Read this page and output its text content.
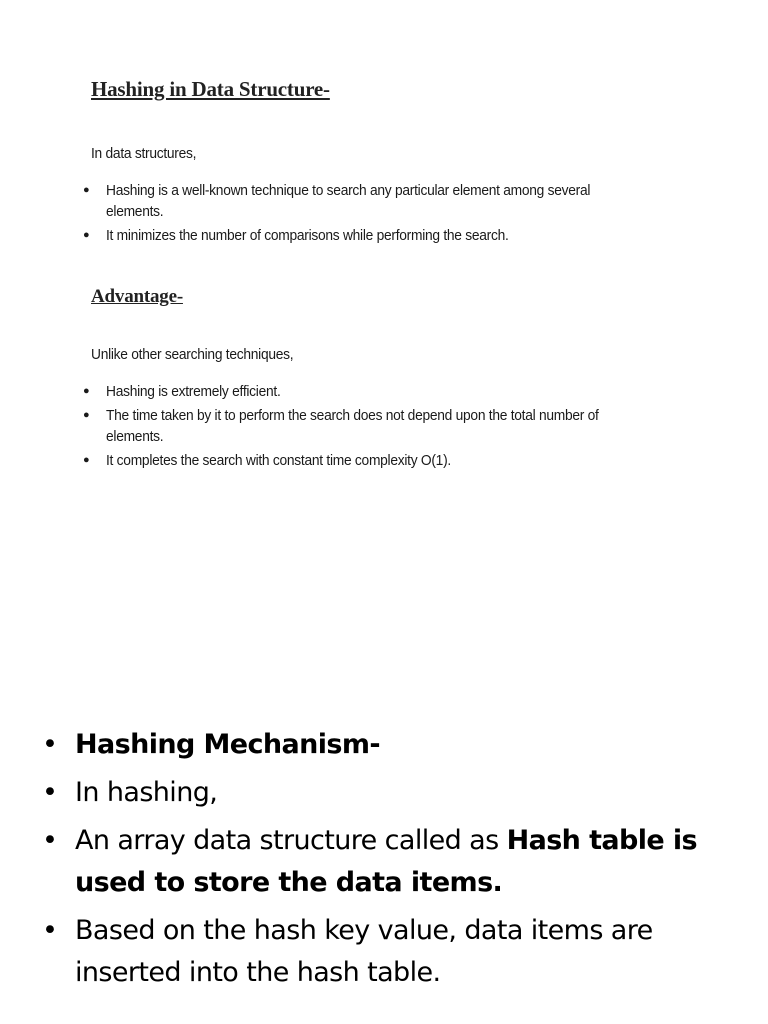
Hashing in Data Structure-

In data structures,

● Hashing is a well-known technique to search any particular element among several elements.
● It minimizes the number of comparisons while performing the search.
Advantage-

Unlike other searching techniques,

● Hashing is extremely efficient.
● The time taken by it to perform the search does not depend upon the total number of elements.
● It completes the search with constant time complexity O(1).
• Hashing Mechanism-
• In hashing,
• An array data structure called as Hash table is used to store the data items.
• Based on the hash key value, data items are inserted into the hash table.
